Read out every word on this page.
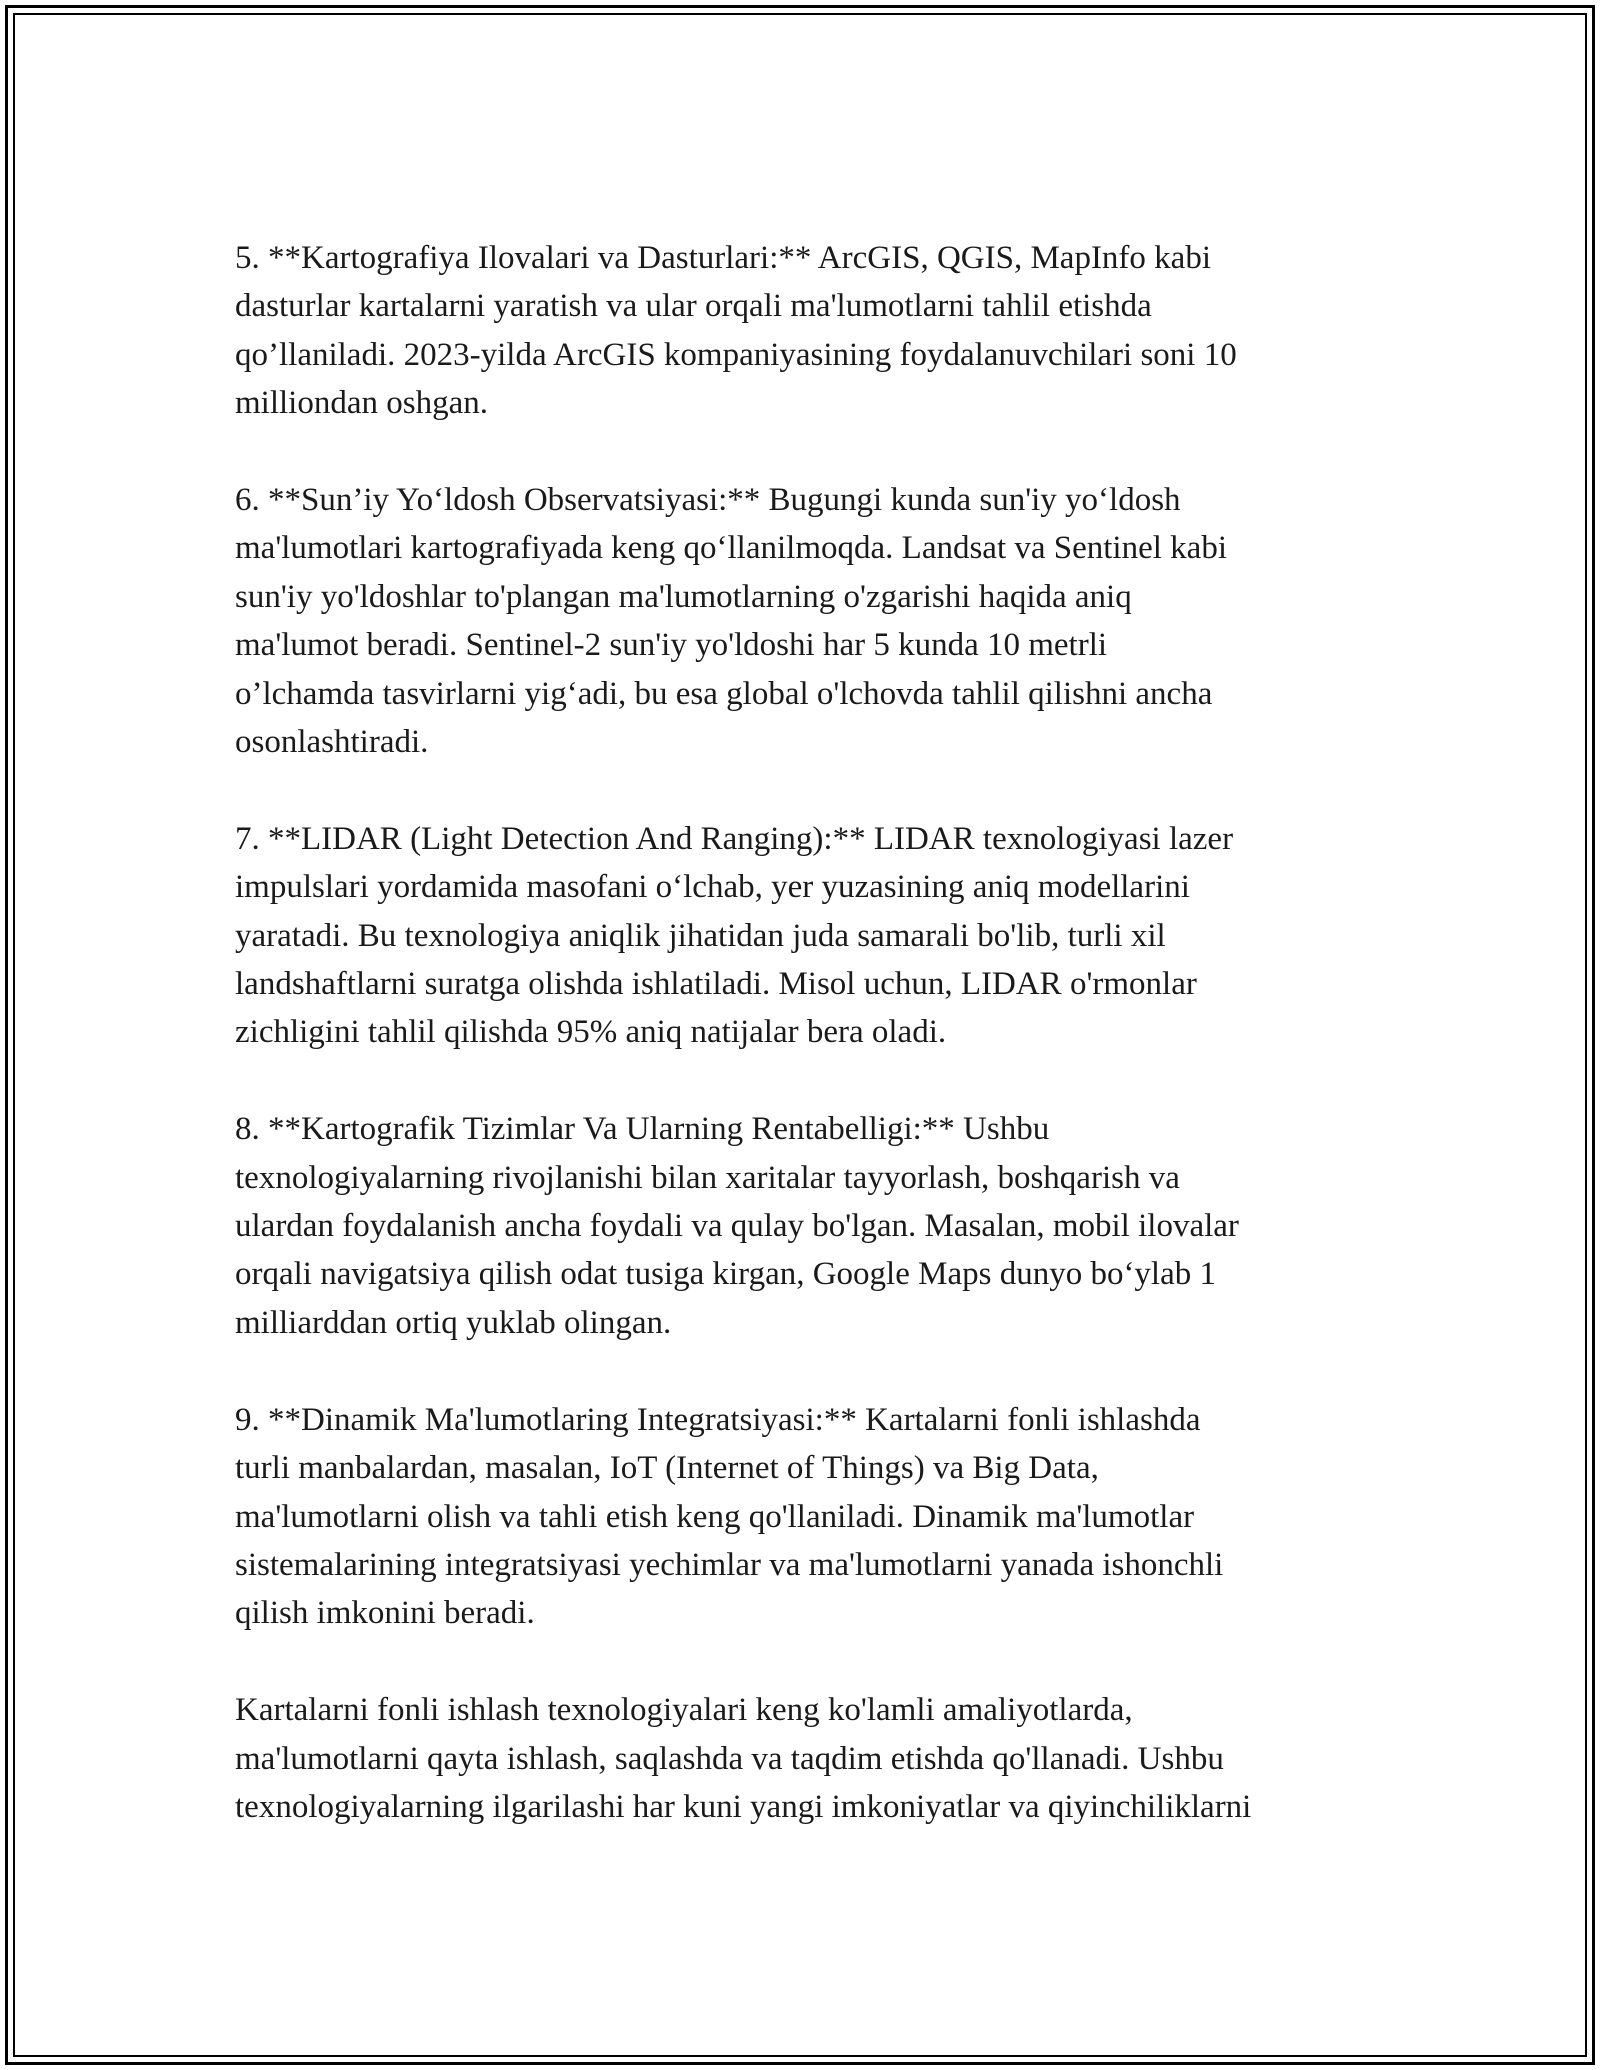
5. **Kartografiya Ilovalari va Dasturlari:** ArcGIS, QGIS, MapInfo kabi
dasturlar kartalarni yaratish va ular orqali ma'lumotlarni tahlil etishda
qo’llaniladi. 2023-yilda ArcGIS kompaniyasining foydalanuvchilari soni 10
milliondan oshgan.

6. **Sun’iy Yoʻldosh Observatsiyasi:** Bugungi kunda sun'iy yoʻldosh
ma'lumotlari kartografiyada keng qoʻllanilmoqda. Landsat va Sentinel kabi
sun'iy yo'ldoshlar to'plangan ma'lumotlarning o'zgarishi haqida aniq
ma'lumot beradi. Sentinel-2 sun'iy yo'ldoshi har 5 kunda 10 metrli
o’lchamda tasvirlarni yigʻadi, bu esa global o'lchovda tahlil qilishni ancha
osonlashtiradi.

7. **LIDAR (Light Detection And Ranging):** LIDAR texnologiyasi lazer
impulslari yordamida masofani oʻlchab, yer yuzasining aniq modellarini
yaratadi. Bu texnologiya aniqlik jihatidan juda samarali bo'lib, turli xil
landshaftlarni suratga olishda ishlatiladi. Misol uchun, LIDAR o'rmonlar
zichligini tahlil qilishda 95% aniq natijalar bera oladi.

8. **Kartografik Tizimlar Va Ularning Rentabelligi:** Ushbu
texnologiyalarning rivojlanishi bilan xaritalar tayyorlash, boshqarish va
ulardan foydalanish ancha foydali va qulay bo'lgan. Masalan, mobil ilovalar
orqali navigatsiya qilish odat tusiga kirgan, Google Maps dunyo boʻylab 1
milliarddan ortiq yuklab olingan.

9. **Dinamik Ma'lumotlaring Integratsiyasi:** Kartalarni fonli ishlashda
turli manbalardan, masalan, IoT (Internet of Things) va Big Data,
ma'lumotlarni olish va tahli etish keng qo'llaniladi. Dinamik ma'lumotlar
sistemalarining integratsiyasi yechimlar va ma'lumotlarni yanada ishonchli
qilish imkonini beradi.

Kartalarni fonli ishlash texnologiyalari keng ko'lamli amaliyotlarda,
ma'lumotlarni qayta ishlash, saqlashda va taqdim etishda qo'llanadi. Ushbu
texnologiyalarning ilgarilashi har kuni yangi imkoniyatlar va qiyinchiliklarni
